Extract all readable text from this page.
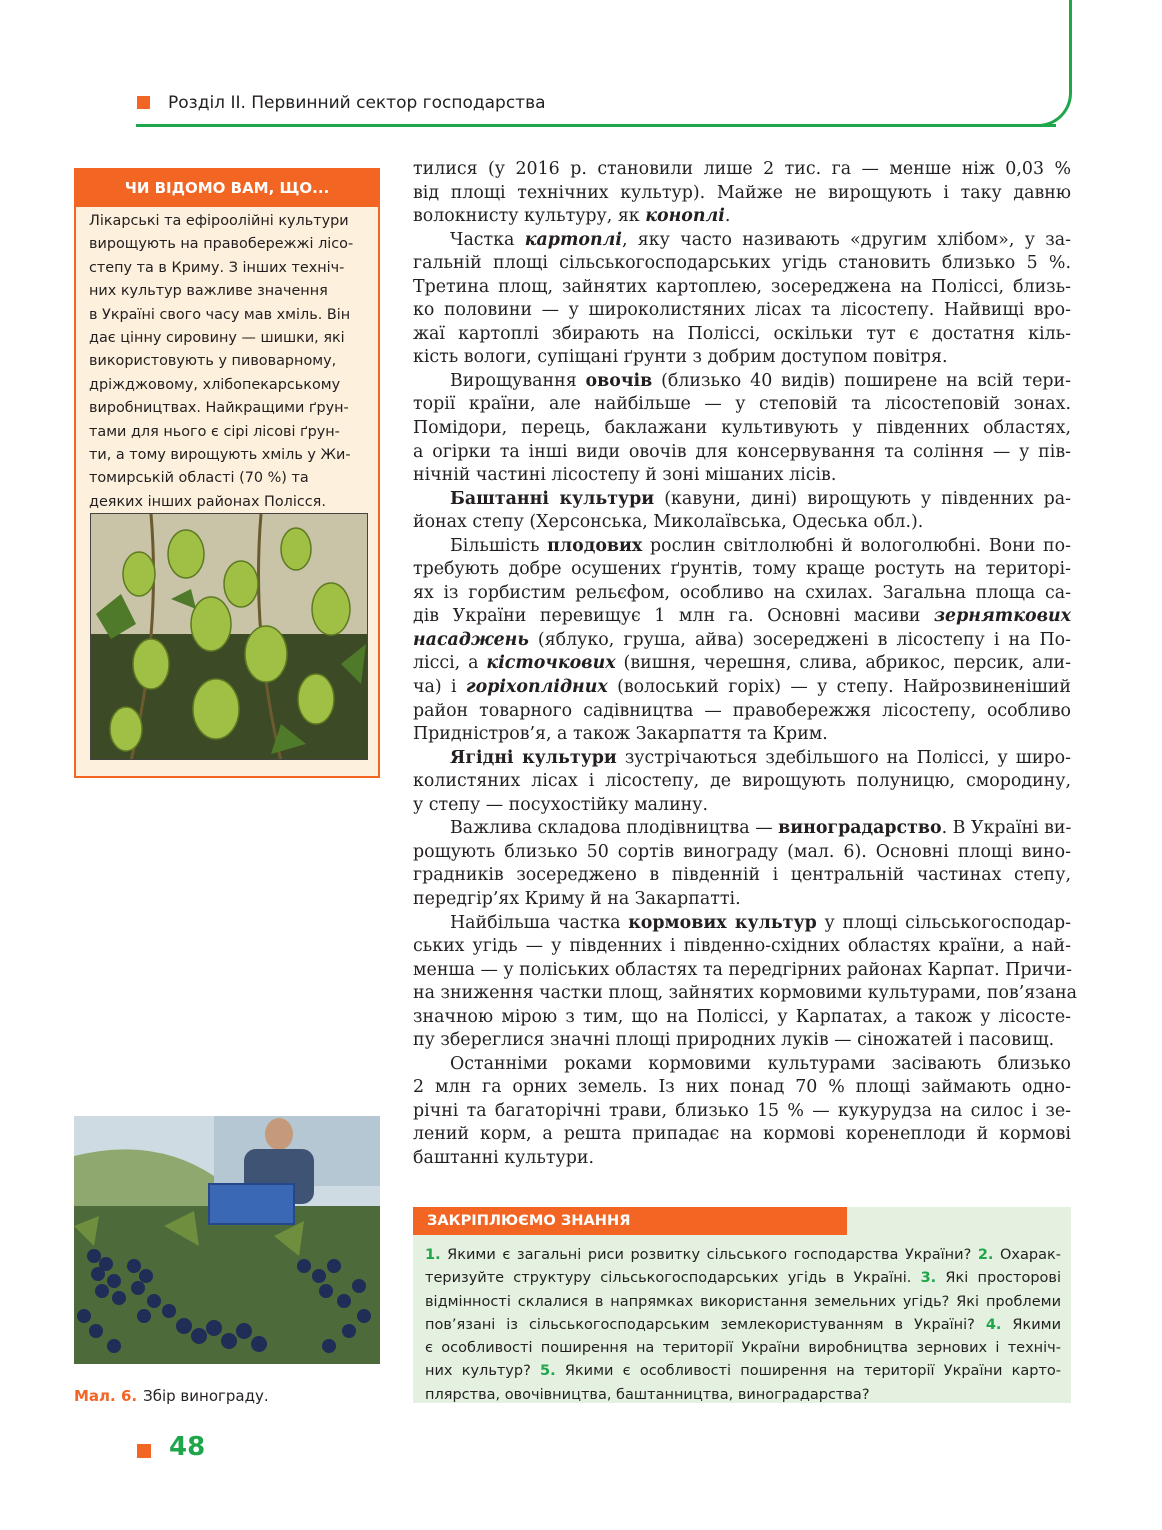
Розділ II. Первинний сектор господарства
ЧИ ВІДОМО ВАМ, ЩО...
Лікарські та ефіроолійні культури
вирощують на правобережжі лісо-
степу та в Криму. З інших техніч-
них культур важливе значення
в Україні свого часу мав хміль. Він
дає цінну сировину — шишки, які
використовують у пивоварному,
дріжджовому, хлібопекарському
виробництвах. Найкращими ґрун-
тами для нього є сірі лісові ґрун-
ти, а тому вирощують хміль у Жи-
томирській області (70 %) та
деяких інших районах Полісся.
Мал. 6. Збір винограду.
тилися (у 2016 р. становили лише 2 тис. га — менше ніж 0,03 %
від площі технічних культур). Майже не вирощують і таку давню
волокнисту культуру, як коноплі.
Частка картоплі, яку часто називають «другим хлібом», у за-
гальній площі сільськогосподарських угідь становить близько 5 %.
Третина площ, зайнятих картоплею, зосереджена на Поліссі, близь-
ко половини — у широколистяних лісах та лісостепу. Найвищі вро-
жаї картоплі збирають на Поліссі, оскільки тут є достатня кіль-
кість вологи, супіщані ґрунти з добрим доступом повітря.
Вирощування овочів (близько 40 видів) поширене на всій тери-
торії країни, але найбільше — у степовій та лісостеповій зонах.
Помідори, перець, баклажани культивують у південних областях,
а огірки та інші види овочів для консервування та соління — у пів-
нічній частині лісостепу й зоні мішаних лісів.
Баштанні культури (кавуни, дині) вирощують у південних ра-
йонах степу (Херсонська, Миколаївська, Одеська обл.).
Більшість плодових рослин світлолюбні й вологолюбні. Вони по-
требують добре осушених ґрунтів, тому краще ростуть на територі-
ях із горбистим рельєфом, особливо на схилах. Загальна площа са-
дів України перевищує 1 млн га. Основні масиви зерняткових
насаджень (яблуко, груша, айва) зосереджені в лісостепу і на По-
ліссі, а кісточкових (вишня, черешня, слива, абрикос, персик, али-
ча) і горіхоплідних (волоський горіх) — у степу. Найрозвиненіший
район товарного садівництва — правобережжя лісостепу, особливо
Придністров’я, а також Закарпаття та Крим.
Ягідні культури зустрічаються здебільшого на Поліссі, у широ-
колистяних лісах і лісостепу, де вирощують полуницю, смородину,
у степу — посухостійку малину.
Важлива складова плодівництва — виноградарство. В Україні ви-
рощують близько 50 сортів винограду (мал. 6). Основні площі вино-
градників зосереджено в південній і центральній частинах степу,
передгір’ях Криму й на Закарпатті.
Найбільша частка кормових культур у площі сільськогосподар-
ських угідь — у південних і південно-східних областях країни, а най-
менша — у поліських областях та передгірних районах Карпат. Причи-
на зниження частки площ, зайнятих кормовими культурами, пов’язана
значною мірою з тим, що на Поліссі, у Карпатах, а також у лісосте-
пу збереглися значні площі природних луків — сіножатей і пасовищ.
Останніми роками кормовими культурами засівають близько
2 млн га орних земель. Із них понад 70 % площі займають одно-
річні та багаторічні трави, близько 15 % — кукурудза на силос і зе-
лений корм, а решта припадає на кормові коренеплоди й кормові
баштанні культури.
ЗАКРІПЛЮЄМО ЗНАННЯ
1. Якими є загальні риси розвитку сільського господарства України? 2. Охарак-
теризуйте структуру сільськогосподарських угідь в Україні. 3. Які просторові
відмінності склалися в напрямках використання земельних угідь? Які проблеми
пов’язані із сільськогосподарським землекористуванням в Україні? 4. Якими
є особливості поширення на території України виробництва зернових і техніч-
них культур? 5. Якими є особливості поширення на території України карто-
плярства, овочівництва, баштанництва, виноградарства?
48
